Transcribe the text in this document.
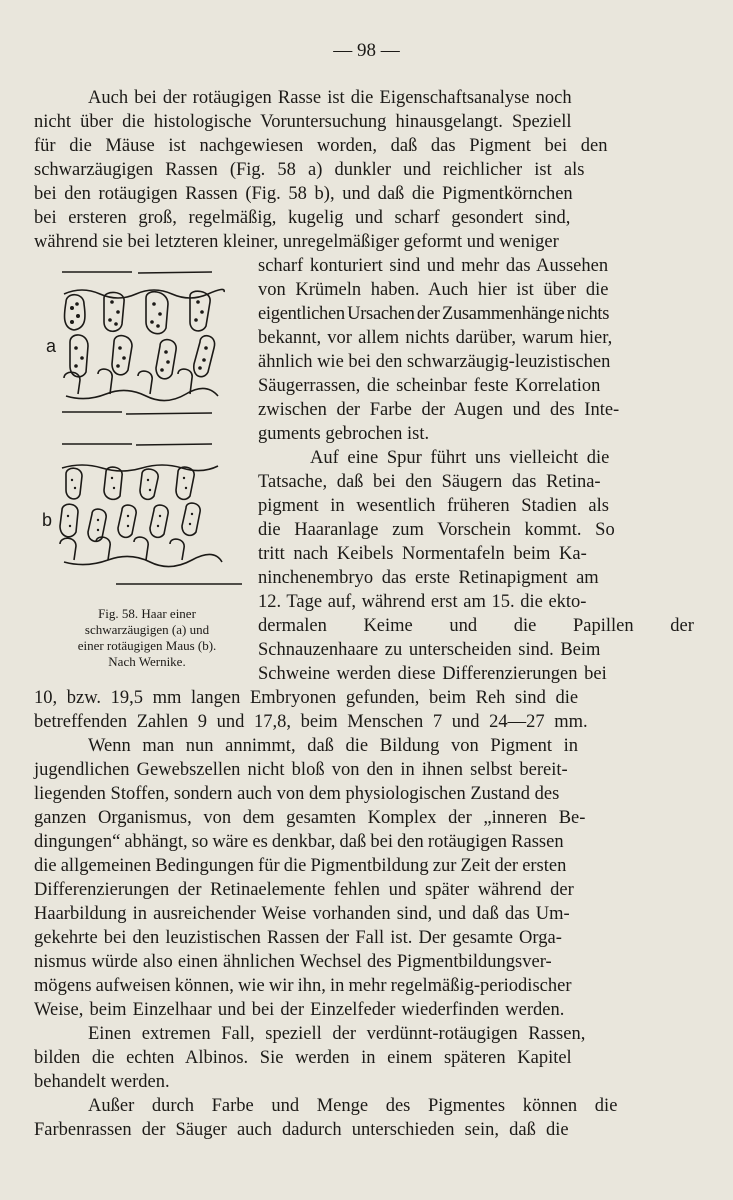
— 98 —

Auch bei der rotäugigen Rasse ist die Eigenschaftsanalyse noch

nicht über die histologische Voruntersuchung hinausgelangt. Speziell

für die Mäuse ist nachgewiesen worden, daß das Pigment bei den

schwarzäugigen Rassen (Fig. 58 a) dunkler und reichlicher ist als

bei den rotäugigen Rassen (Fig. 58 b), und daß die Pigmentkörnchen

bei ersteren groß, regelmäßig, kugelig und scharf gesondert sind,

während sie bei letzteren kleiner, unregelmäßiger geformt und weniger

scharf konturiert sind und mehr das Aussehen

von Krümeln haben. Auch hier ist über die

eigentlichen Ursachen der Zusammenhänge nichts

bekannt, vor allem nichts darüber, warum hier,

ähnlich wie bei den schwarzäugig-leuzistischen

Säugerrassen, die scheinbar feste Korrelation

zwischen der Farbe der Augen und des Inte-

guments gebrochen ist.

Auf eine Spur führt uns vielleicht die

Tatsache, daß bei den Säugern das Retina-

pigment in wesentlich früheren Stadien als

die Haaranlage zum Vorschein kommt. So

tritt nach Keibels Normentafeln beim Ka-

ninchenembryo das erste Retinapigment am

12. Tage auf, während erst am 15. die ekto-

dermalen Keime und die Papillen der

Schnauzenhaare zu unterscheiden sind. Beim

Schweine werden diese Differenzierungen bei

10, bzw. 19,5 mm langen Embryonen gefunden, beim Reh sind die

betreffenden Zahlen 9 und 17,8, beim Menschen 7 und 24—27 mm.

Wenn man nun annimmt, daß die Bildung von Pigment in

jugendlichen Gewebszellen nicht bloß von den in ihnen selbst bereit-

liegenden Stoffen, sondern auch von dem physiologischen Zustand des

ganzen Organismus, von dem gesamten Komplex der „inneren Be-

dingungen“ abhängt, so wäre es denkbar, daß bei den rotäugigen Rassen

die allgemeinen Bedingungen für die Pigmentbildung zur Zeit der ersten

Differenzierungen der Retinaelemente fehlen und später während der

Haarbildung in ausreichender Weise vorhanden sind, und daß das Um-

gekehrte bei den leuzistischen Rassen der Fall ist. Der gesamte Orga-

nismus würde also einen ähnlichen Wechsel des Pigmentbildungsver-

mögens aufweisen können, wie wir ihn, in mehr regelmäßig-periodischer

Weise, beim Einzelhaar und bei der Einzelfeder wiederfinden werden.

Einen extremen Fall, speziell der verdünnt-rotäugigen Rassen,

bilden die echten Albinos. Sie werden in einem späteren Kapitel

behandelt werden.

Außer durch Farbe und Menge des Pigmentes können die

Farbenrassen der Säuger auch dadurch unterschieden sein, daß die

a
b
Fig. 58. Haar einer
schwarzäugigen (a) und
einer rotäugigen Maus (b).
Nach Wernike.
